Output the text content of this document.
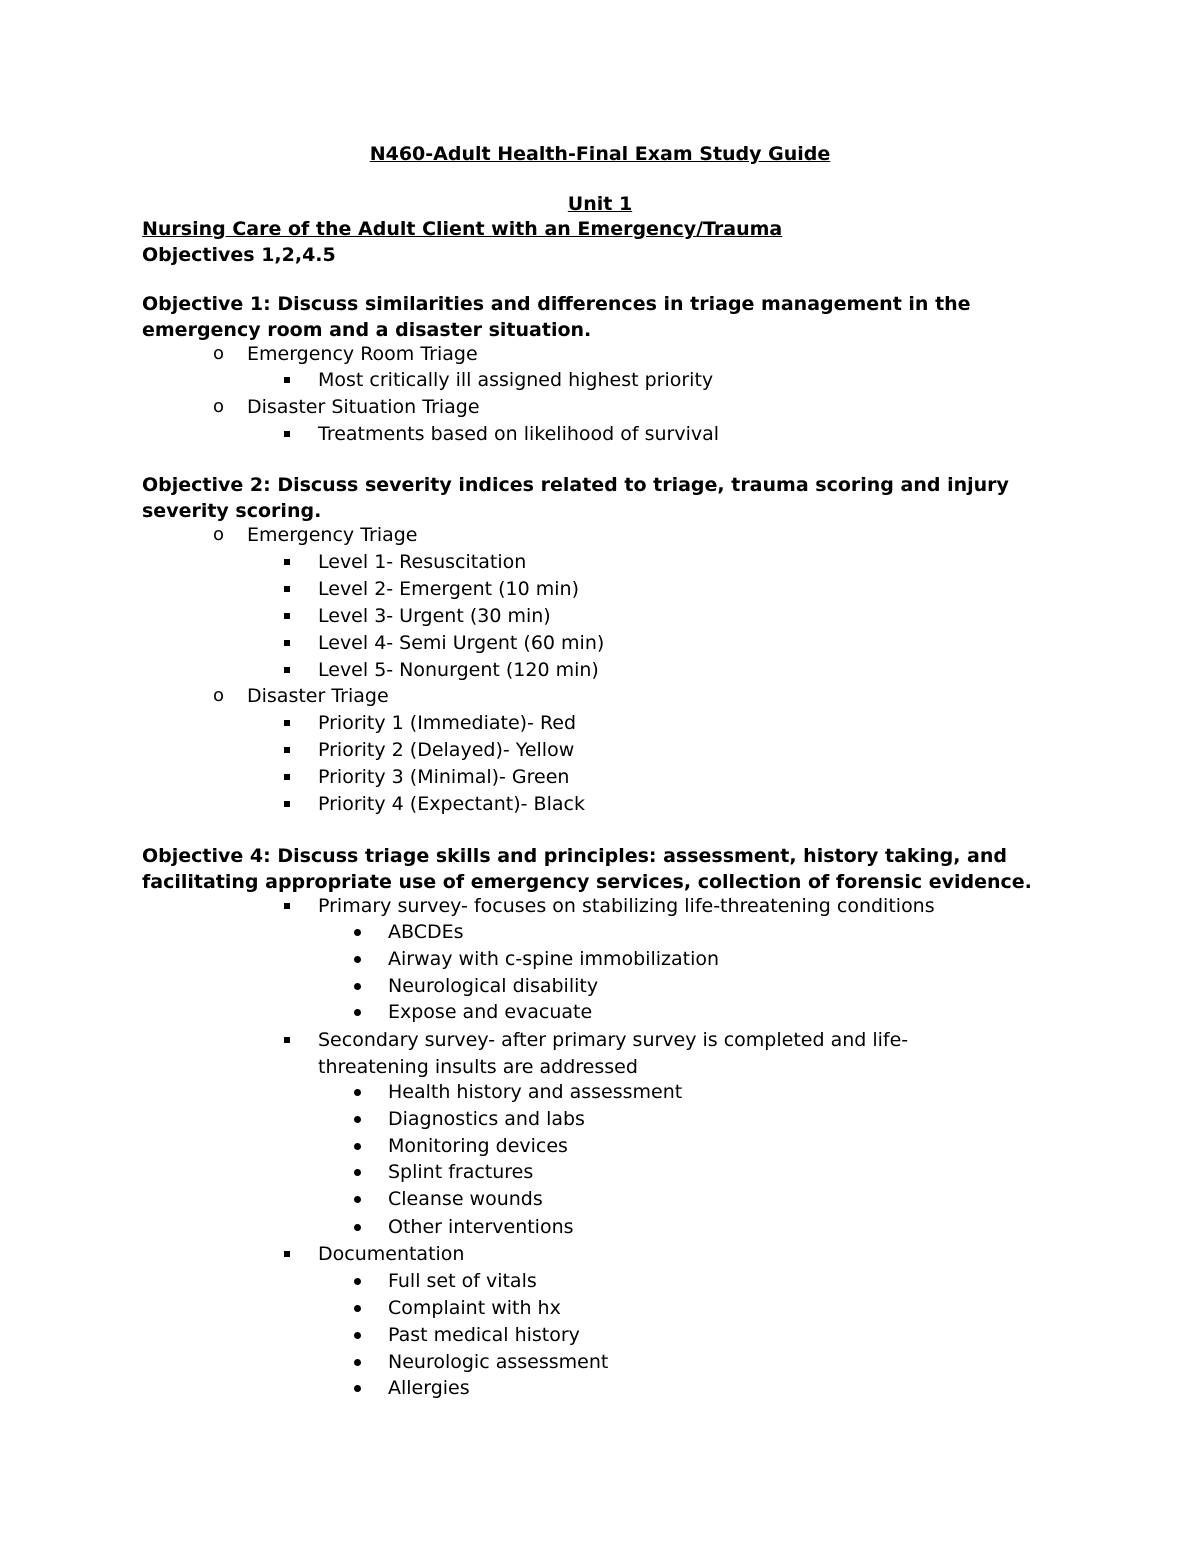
N460-Adult Health-Final Exam Study Guide
Unit 1
Nursing Care of the Adult Client with an Emergency/Trauma
Objectives 1,2,4.5
Objective 1: Discuss similarities and differences in triage management in the emergency room and a disaster situation.
o Emergency Room Triage
Most critically ill assigned highest priority
o Disaster Situation Triage
Treatments based on likelihood of survival
Objective 2: Discuss severity indices related to triage, trauma scoring and injury severity scoring.
o Emergency Triage
Level 1- Resuscitation
Level 2- Emergent (10 min)
Level 3- Urgent (30 min)
Level 4- Semi Urgent (60 min)
Level 5- Nonurgent (120 min)
o Disaster Triage
Priority 1 (Immediate)- Red
Priority 2 (Delayed)- Yellow
Priority 3 (Minimal)- Green
Priority 4 (Expectant)- Black
Objective 4: Discuss triage skills and principles: assessment, history taking, and facilitating appropriate use of emergency services, collection of forensic evidence.
Primary survey- focuses on stabilizing life-threatening conditions
ABCDEs
Airway with c-spine immobilization
Neurological disability
Expose and evacuate
Secondary survey- after primary survey is completed and life-threatening insults are addressed
Health history and assessment
Diagnostics and labs
Monitoring devices
Splint fractures
Cleanse wounds
Other interventions
Documentation
Full set of vitals
Complaint with hx
Past medical history
Neurologic assessment
Allergies
